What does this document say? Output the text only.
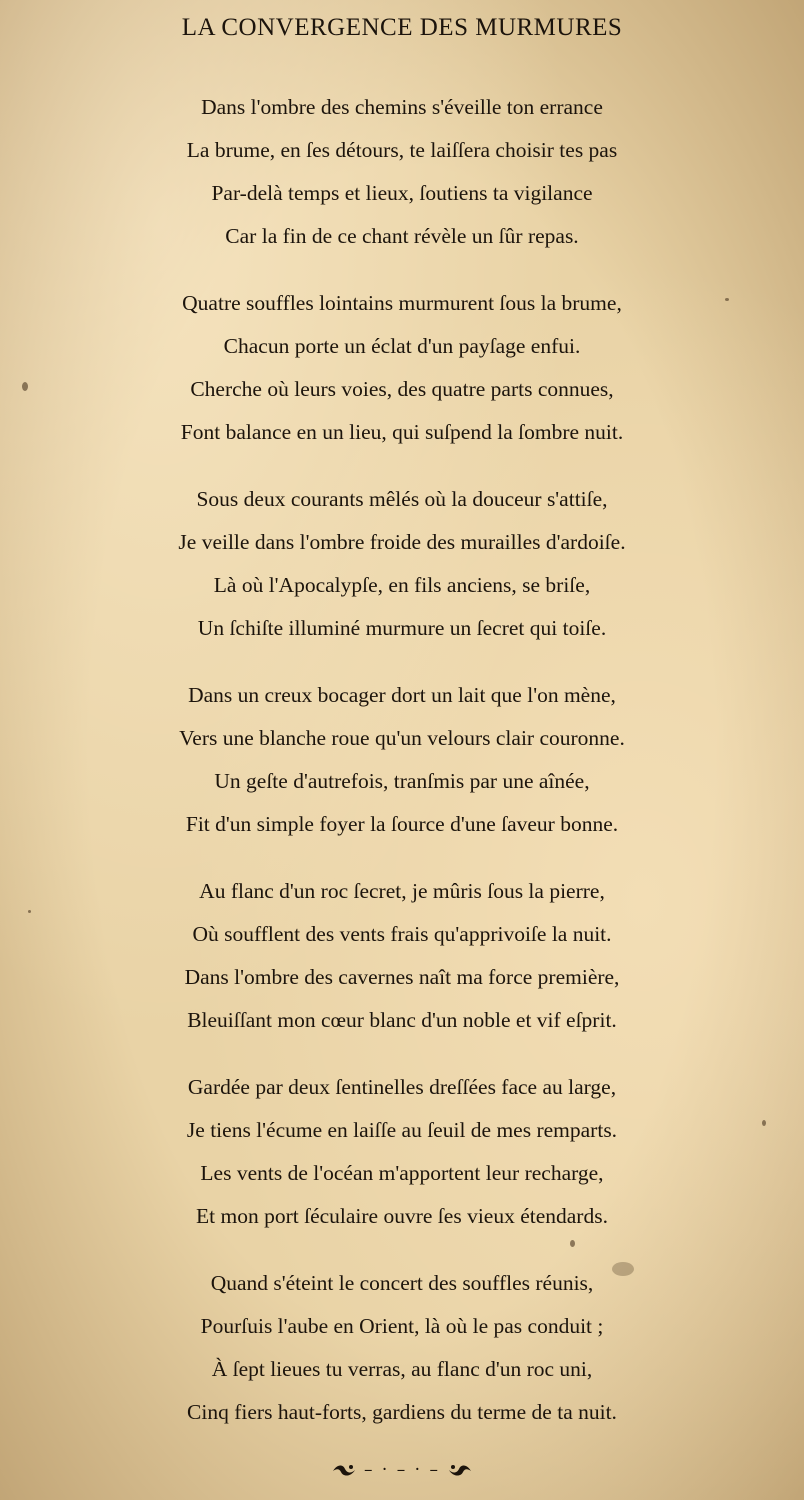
LA CONVERGENCE DES MURMURES
Dans l'ombre des chemins s'éveille ton errance
La brume, en ſes détours, te laiſſera choisir tes pas
Par-delà temps et lieux, ſoutiens ta vigilance
Car la fin de ce chant révèle un ſûr repas.
Quatre souffles lointains murmurent ſous la brume,
Chacun porte un éclat d'un payſage enfui.
Cherche où leurs voies, des quatre parts connues,
Font balance en un lieu, qui suſpend la ſombre nuit.
Sous deux courants mêlés où la douceur s'attiſe,
Je veille dans l'ombre froide des murailles d'ardoiſe.
Là où l'Apocalypſe, en fils anciens, se briſe,
Un ſchiſte illuminé murmure un ſecret qui toiſe.
Dans un creux bocager dort un lait que l'on mène,
Vers une blanche roue qu'un velours clair couronne.
Un geſte d'autrefois, tranſmis par une aînée,
Fit d'un simple foyer la ſource d'une ſaveur bonne.
Au flanc d'un roc ſecret, je mûris ſous la pierre,
Où soufflent des vents frais qu'apprivoiſe la nuit.
Dans l'ombre des cavernes naît ma force première,
Bleuiſſant mon cœur blanc d'un noble et vif eſprit.
Gardée par deux ſentinelles dreſſées face au large,
Je tiens l'écume en laiſſe au ſeuil de mes remparts.
Les vents de l'océan m'apportent leur recharge,
Et mon port ſéculaire ouvre ſes vieux étendards.
Quand s'éteint le concert des souffles réunis,
Pourſuis l'aube en Orient, là où le pas conduit ;
À ſept lieues tu verras, au flanc d'un roc uni,
Cinq fiers haut-forts, gardiens du terme de ta nuit.
– · – · –
